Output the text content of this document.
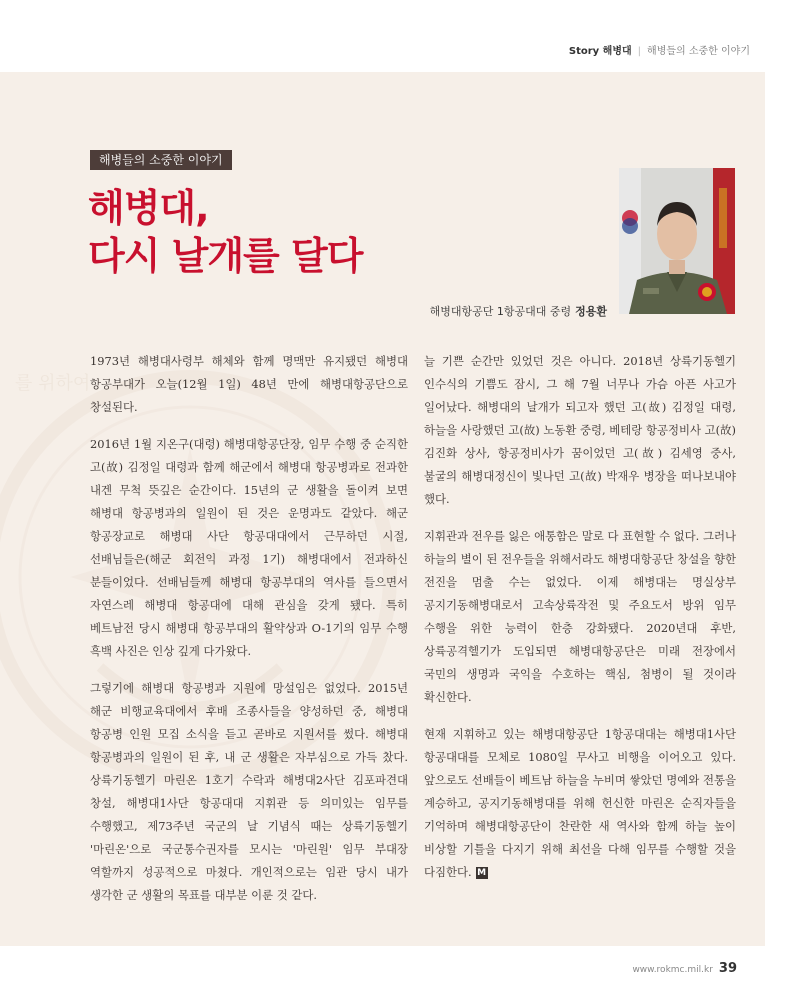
Story 해병대 | 해병들의 소중한 이야기
를 위하여
해병들의 소중한 이야기
해병대,
다시 날개를 달다
해병대항공단 1항공대대 중령 정용환

1973년 해병대사령부 해체와 함께 명맥만 유지됐던 해병대 항공부대가 오늘(12월 1일) 48년 만에 해병대항공단으로 창설된다.

2016년 1월 지온구(대령) 해병대항공단장, 임무 수행 중 순직한 고(故) 김정일 대령과 함께 해군에서 해병대 항공병과로 전과한 내겐 무척 뜻깊은 순간이다. 15년의 군 생활을 돌이켜 보면 해병대 항공병과의 일원이 된 것은 운명과도 같았다. 해군 항공장교로 해병대 사단 항공대대에서 근무하던 시절, 선배님들은(해군 회전익 과정 1기) 해병대에서 전과하신 분들이었다. 선배님들께 해병대 항공부대의 역사를 들으면서 자연스레 해병대 항공대에 대해 관심을 갖게 됐다. 특히 베트남전 당시 해병대 항공부대의 활약상과 O-1기의 임무 수행 흑백 사진은 인상 깊게 다가왔다.

그렇기에 해병대 항공병과 지원에 망설임은 없었다. 2015년 해군 비행교육대에서 후배 조종사들을 양성하던 중, 해병대 항공병 인원 모집 소식을 듣고 곧바로 지원서를 썼다. 해병대 항공병과의 일원이 된 후, 내 군 생활은 자부심으로 가득 찼다. 상륙기동헬기 마린온 1호기 수락과 해병대2사단 김포파견대 창설, 해병대1사단 항공대대 지휘관 등 의미있는 임무를 수행했고, 제73주년 국군의 날 기념식 때는 상륙기동헬기 '마린온'으로 국군통수권자를 모시는 '마린원' 임무 부대장 역할까지 성공적으로 마쳤다. 개인적으로는 임관 당시 내가 생각한 군 생활의 목표를 대부분 이룬 것 같다.

늘 기쁜 순간만 있었던 것은 아니다. 2018년 상륙기동헬기 인수식의 기쁨도 잠시, 그 해 7월 너무나 가슴 아픈 사고가 일어났다. 해병대의 날개가 되고자 했던 고(故) 김정일 대령, 하늘을 사랑했던 고(故) 노동환 중령, 베테랑 항공정비사 고(故) 김진화 상사, 항공정비사가 꿈이었던 고(故) 김세영 중사, 불굴의 해병대정신이 빛나던 고(故) 박재우 병장을 떠나보내야 했다.

지휘관과 전우를 잃은 애통함은 말로 다 표현할 수 없다. 그러나 하늘의 별이 된 전우들을 위해서라도 해병대항공단 창설을 향한 전진을 멈출 수는 없었다. 이제 해병대는 명실상부 공지기동해병대로서 고속상륙작전 및 주요도서 방위 임무 수행을 위한 능력이 한층 강화됐다. 2020년대 후반, 상륙공격헬기가 도입되면 해병대항공단은 미래 전장에서 국민의 생명과 국익을 수호하는 핵심, 첨병이 될 것이라 확신한다.

현재 지휘하고 있는 해병대항공단 1항공대대는 해병대1사단 항공대대를 모체로 1080일 무사고 비행을 이어오고 있다. 앞으로도 선배들이 베트남 하늘을 누비며 쌓았던 명예와 전통을 계승하고, 공지기동해병대를 위해 헌신한 마린온 순직자들을 기억하며 해병대항공단이 찬란한 새 역사와 함께 하늘 높이 비상할 기틀을 다지기 위해 최선을 다해 임무를 수행할 것을 다짐한다. M

www.rokmc.mil.kr 39
